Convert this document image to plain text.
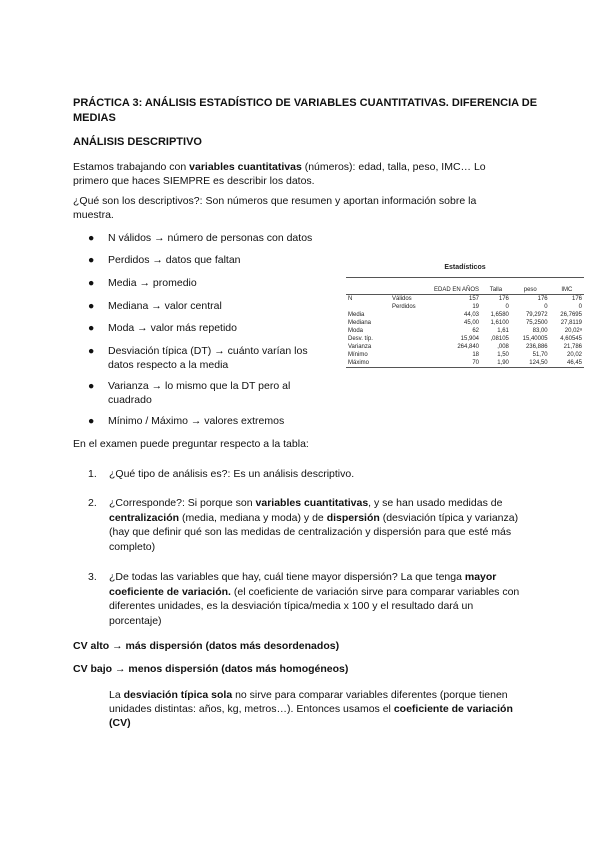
PRÁCTICA 3: ANÁLISIS ESTADÍSTICO DE VARIABLES CUANTITATIVAS. DIFERENCIA DE MEDIAS
ANÁLISIS DESCRIPTIVO
Estamos trabajando con variables cuantitativas (números): edad, talla, peso, IMC… Lo primero que haces SIEMPRE es describir los datos.
¿Qué son los descriptivos?: Son números que resumen y aportan información sobre la muestra.
● N válidos → número de personas con datos
● Perdidos → datos que faltan
● Media → promedio
● Mediana → valor central
● Moda → valor más repetido
● Desviación típica (DT) → cuánto varían los datos respecto a la media
● Varianza → lo mismo que la DT pero al cuadrado
● Mínimo / Máximo → valores extremos
Estadísticos
		EDAD EN AÑOS	Talla	peso	IMC
N	Válidos	157	176	176	176
	Perdidos	19	0	0	0
Media		44,03	1,6580	79,2972	26,7695
Mediana		45,00	1,6100	75,2500	27,8119
Moda		62	1,61	83,00	20,02ᵃ
Desv. típ.		15,904	,08105	15,40005	4,60545
Varianza		264,840	,008	236,886	21,786
Mínimo		18	1,50	51,70	20,02
Máximo		70	1,90	124,50	46,45
En el examen puede preguntar respecto a la tabla:
1. ¿Qué tipo de análisis es?: Es un análisis descriptivo.
2. ¿Corresponde?: Si porque son variables cuantitativas, y se han usado medidas de centralización (media, mediana y moda) y de dispersión (desviación típica y varianza) (hay que definir qué son las medidas de centralización y dispersión para que esté más completo)
3. ¿De todas las variables que hay, cuál tiene mayor dispersión? La que tenga mayor coeficiente de variación. (el coeficiente de variación sirve para comparar variables con diferentes unidades, es la desviación típica/media x 100 y el resultado dará un porcentaje)
CV alto → más dispersión (datos más desordenados)
CV bajo → menos dispersión (datos más homogéneos)
La desviación típica sola no sirve para comparar variables diferentes (porque tienen unidades distintas: años, kg, metros…). Entonces usamos el coeficiente de variación (CV)
